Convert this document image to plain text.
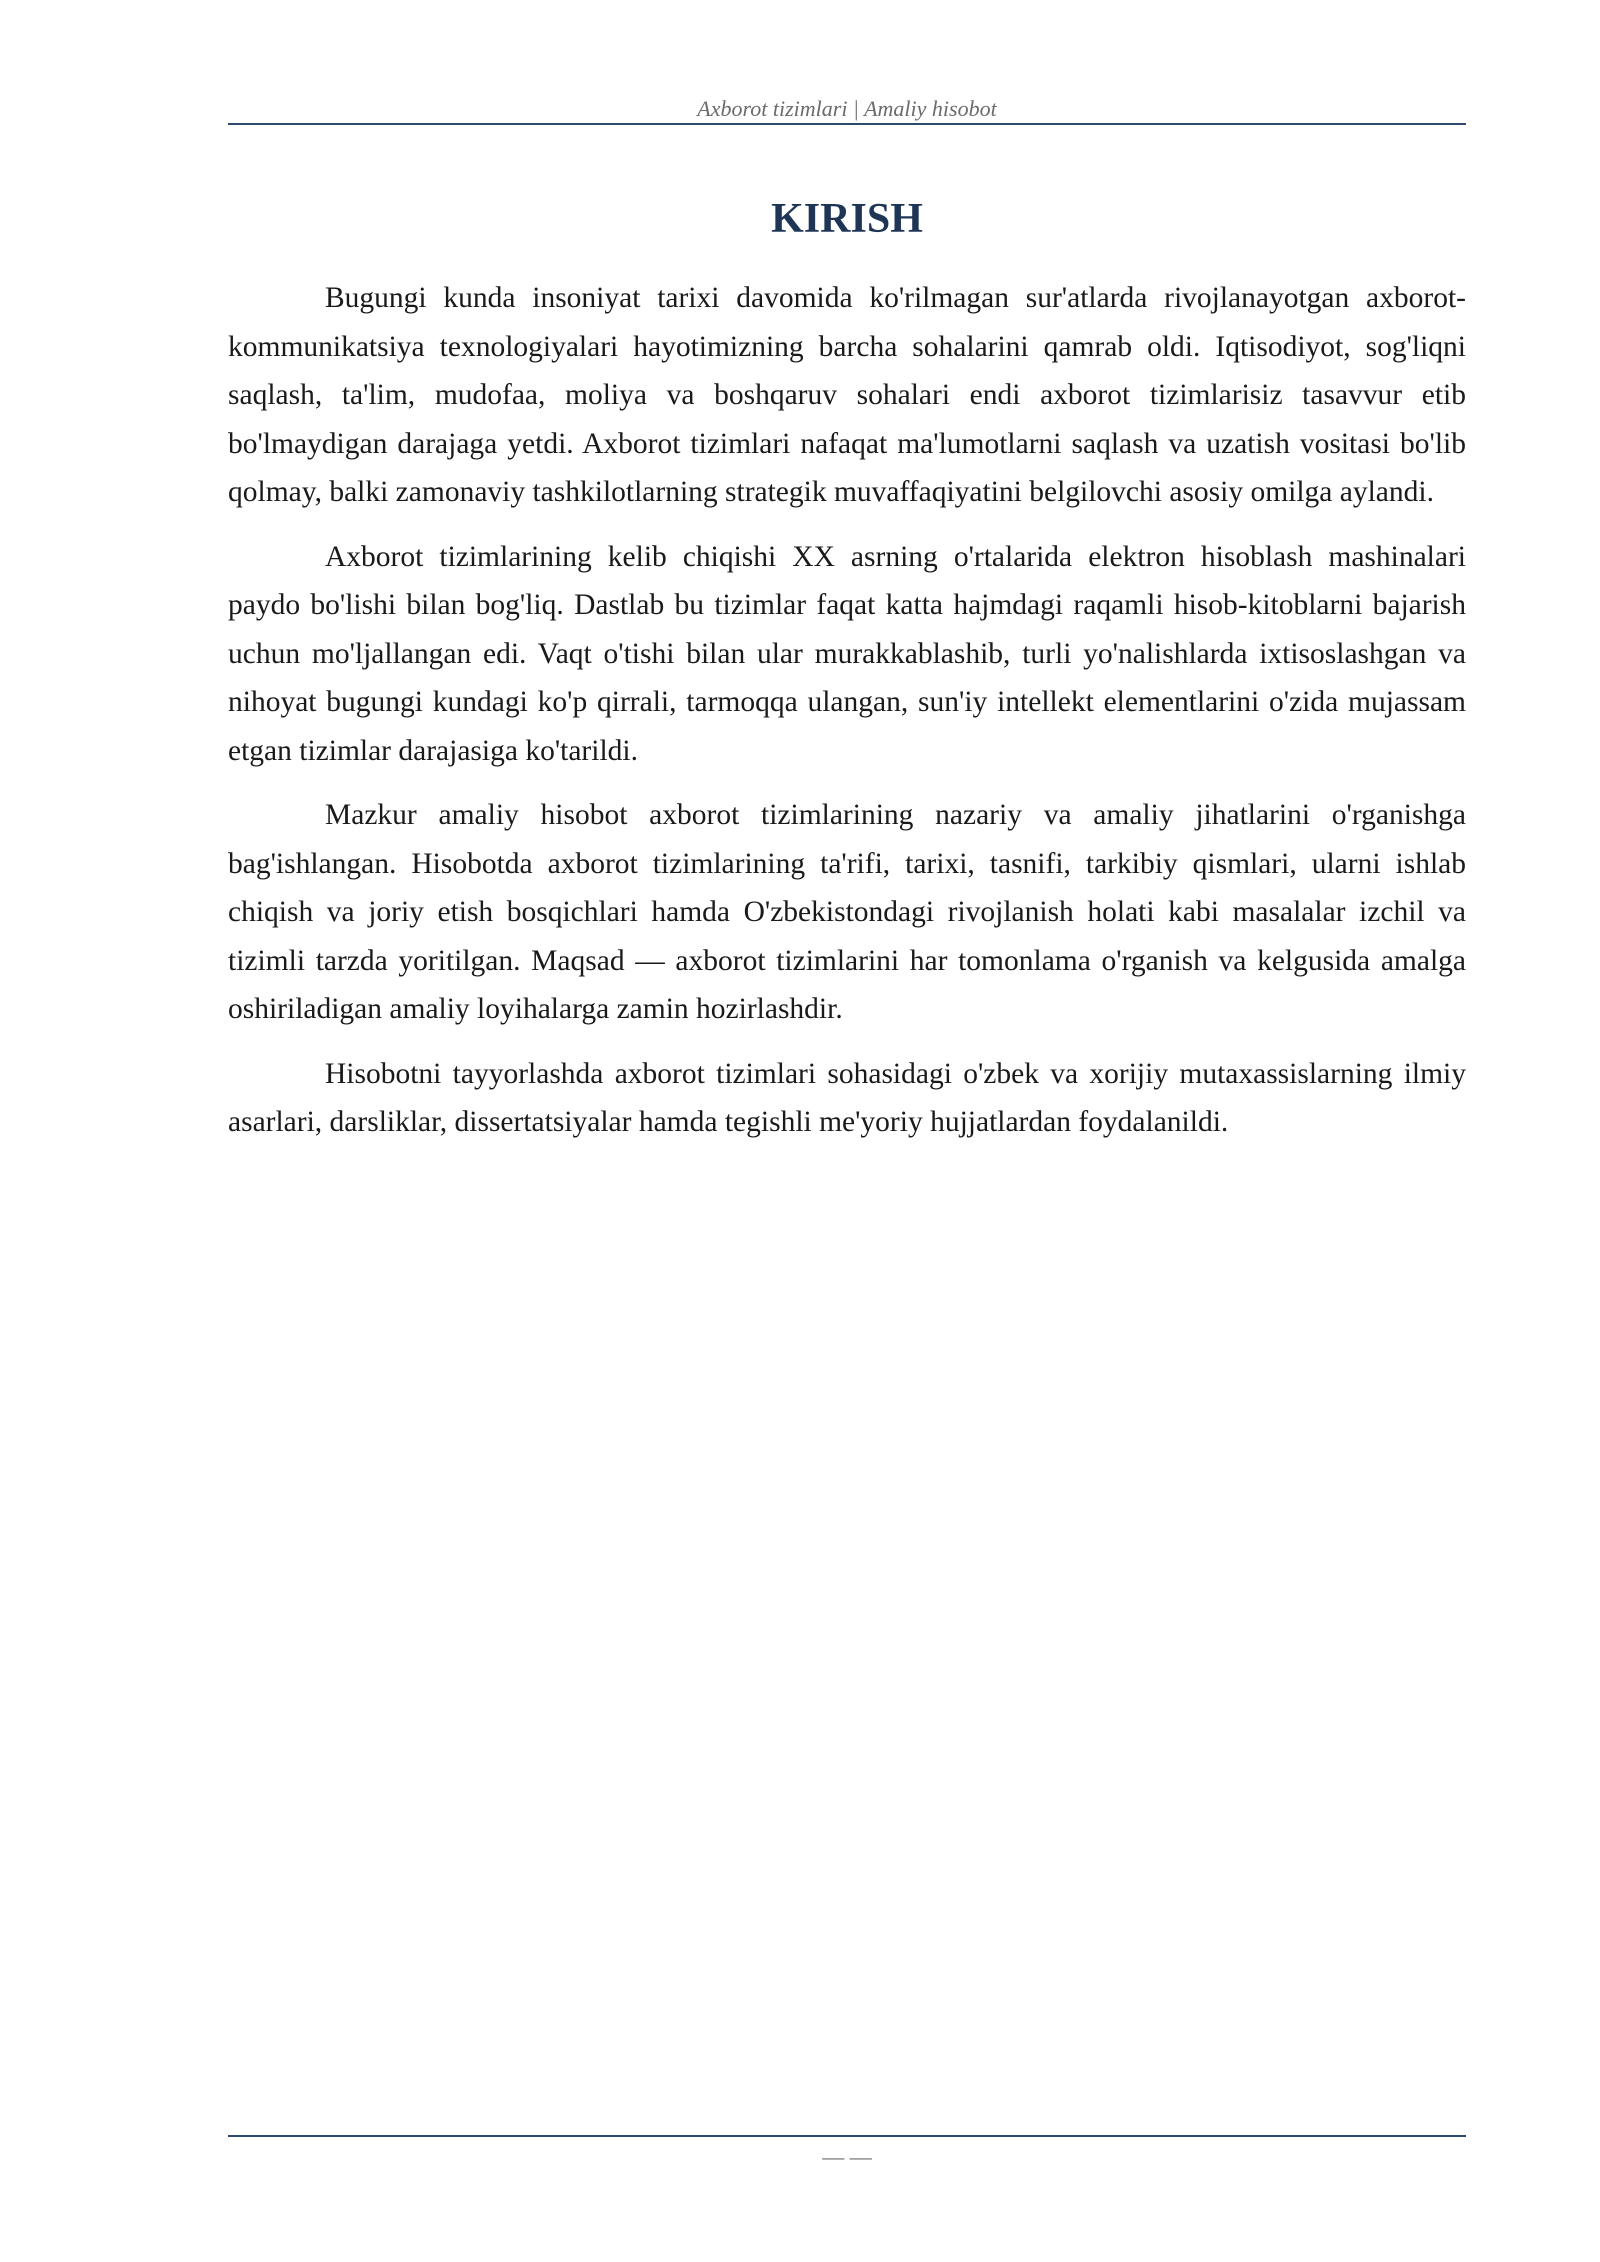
Axborot tizimlari | Amaliy hisobot
KIRISH

Bugungi kunda insoniyat tarixi davomida ko'rilmagan sur'atlarda rivojlanayotgan axborot-kommunikatsiya texnologiyalari hayotimizning barcha sohalarini qamrab oldi. Iqtisodiyot, sog'liqni saqlash, ta'lim, mudofaa, moliya va boshqaruv sohalari endi axborot tizimlarisiz tasavvur etib bo'lmaydigan darajaga yetdi. Axborot tizimlari nafaqat ma'lumotlarni saqlash va uzatish vositasi bo'lib qolmay, balki zamonaviy tashkilotlarning strategik muvaffaqiyatini belgilovchi asosiy omilga aylandi.

Axborot tizimlarining kelib chiqishi XX asrning o'rtalarida elektron hisoblash mashinalari paydo bo'lishi bilan bog'liq. Dastlab bu tizimlar faqat katta hajmdagi raqamli hisob-kitoblarni bajarish uchun mo'ljallangan edi. Vaqt o'tishi bilan ular murakkablashib, turli yo'nalishlarda ixtisoslashgan va nihoyat bugungi kundagi ko'p qirrali, tarmoqqa ulangan, sun'iy intellekt elementlarini o'zida mujassam etgan tizimlar darajasiga ko'tarildi.

Mazkur amaliy hisobot axborot tizimlarining nazariy va amaliy jihatlarini o'rganishga bag'ishlangan. Hisobotda axborot tizimlarining ta'rifi, tarixi, tasnifi, tarkibiy qismlari, ularni ishlab chiqish va joriy etish bosqichlari hamda O'zbekistondagi rivojlanish holati kabi masalalar izchil va tizimli tarzda yoritilgan. Maqsad — axborot tizimlarini har tomonlama o'rganish va kelgusida amalga oshiriladigan amaliy loyihalarga zamin hozirlashdir.

Hisobotni tayyorlashda axborot tizimlari sohasidagi o'zbek va xorijiy mutaxassislarning ilmiy asarlari, darsliklar, dissertatsiyalar hamda tegishli me'yoriy hujjatlardan foydalanildi.

— —
